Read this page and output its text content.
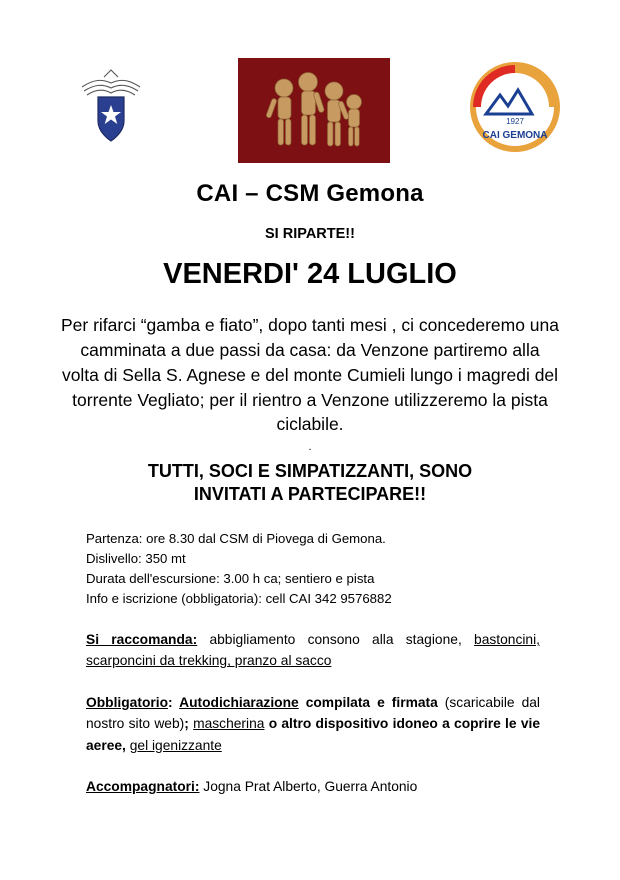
1927
CAI GEMONA
CAI – CSM Gemona
SI RIPARTE!!
VENERDI' 24 LUGLIO
Per rifarci “gamba e fiato”, dopo tanti mesi , ci concederemo una camminata a due passi da casa: da Venzone partiremo alla volta di Sella S. Agnese e del monte Cumieli lungo i magredi del torrente Vegliato; per il rientro a Venzone utilizzeremo la pista ciclabile.
.
TUTTI, SOCI E SIMPATIZZANTI, SONO
INVITATI A PARTECIPARE!!
Partenza: ore 8.30 dal CSM di Piovega di Gemona.
Dislivello: 350 mt
Durata dell'escursione: 3.00 h ca; sentiero e pista
Info e iscrizione (obbligatoria): cell CAI 342 9576882
Si raccomanda: abbigliamento consono alla stagione, bastoncini, scarponcini da trekking, pranzo al sacco
Obbligatorio: Autodichiarazione compilata e firmata (scaricabile dal nostro sito web); mascherina o altro dispositivo idoneo a coprire le vie aeree, gel igenizzante
Accompagnatori: Jogna Prat Alberto, Guerra Antonio
